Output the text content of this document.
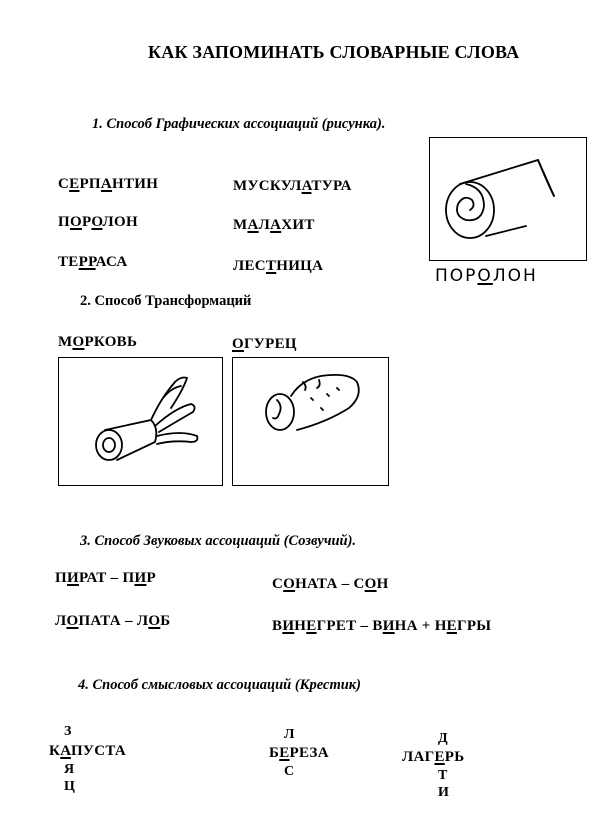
КАК ЗАПОМИНАТЬ СЛОВАРНЫЕ СЛОВА
1. Способ Графических ассоциаций (рисунка).
СЕРПАНТИН
ПОРОЛОН
ТЕРРАСА
МУСКУЛАТУРА
МАЛАХИТ
ЛЕСТНИЦА	ПОРОЛОН
2. Способ Трансформаций
МОРКОВЬ	ОГУРЕЦ
3. Способ Звуковых ассоциаций (Созвучий).
ПИРАТ – ПИР
ЛОПАТА – ЛОБ
СОНАТА – СОН
ВИНЕГРЕТ – ВИНА + НЕГРЫ
4. Способ смысловых ассоциаций (Крестик)
З
КАПУСТА
Я
Ц
Л
БЕРЕЗА
С
Д
ЛАГЕРЬ
Т
И
